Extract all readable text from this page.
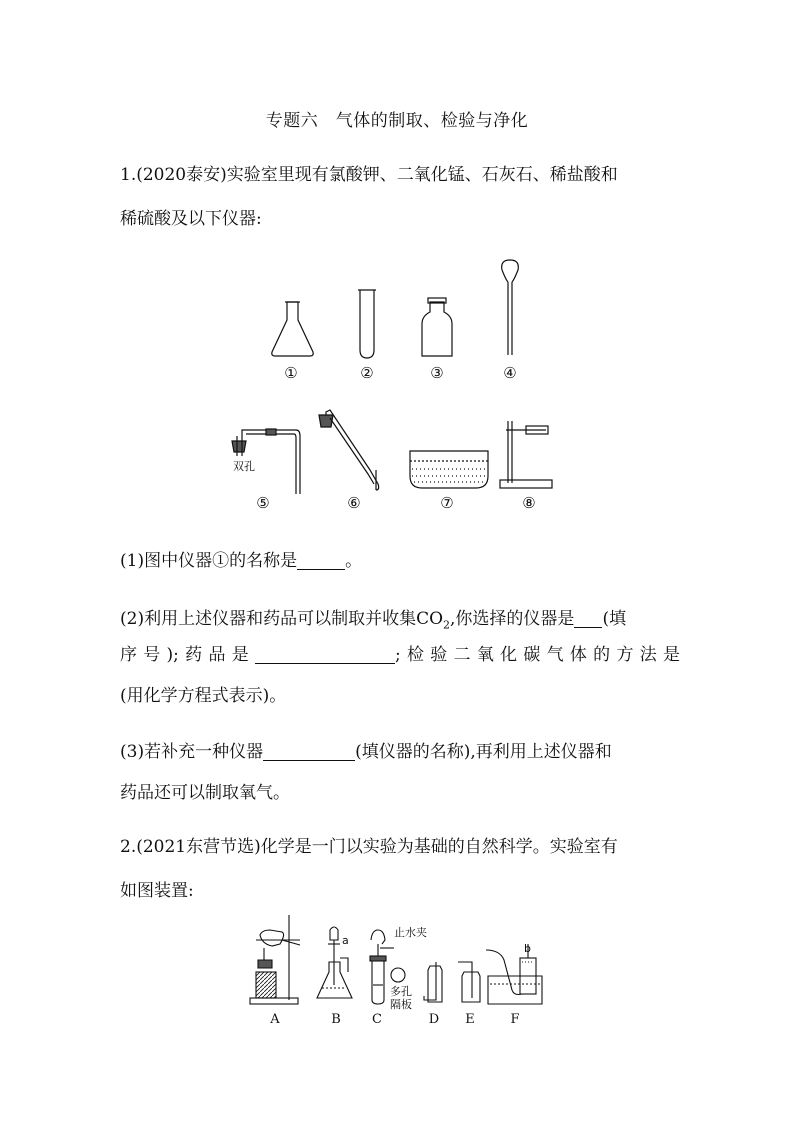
专题六　气体的制取、检验与净化
1.(2020泰安)实验室里现有氯酸钾、二氧化锰、石灰石、稀盐酸和
稀硫酸及以下仪器:
双孔
①	②	③	④
⑤	⑥	⑦	⑧
(1)图中仪器①的名称是	。
(2)利用上述仪器和药品可以制取并收集$CO_2$,你选择的仪器是 (填
序号);药品是	;检验二氧化碳气体的方法是
(用化学方程式表示)。
(3)若补充一种仪器	(填仪器的名称),再利用上述仪器和
药品还可以制取氧气。
2.(2021东营节选)化学是一门以实验为基础的自然科学。实验室有
如图装置:
a
b
止水夹
多孔
隔板
A	B C	D E	F
